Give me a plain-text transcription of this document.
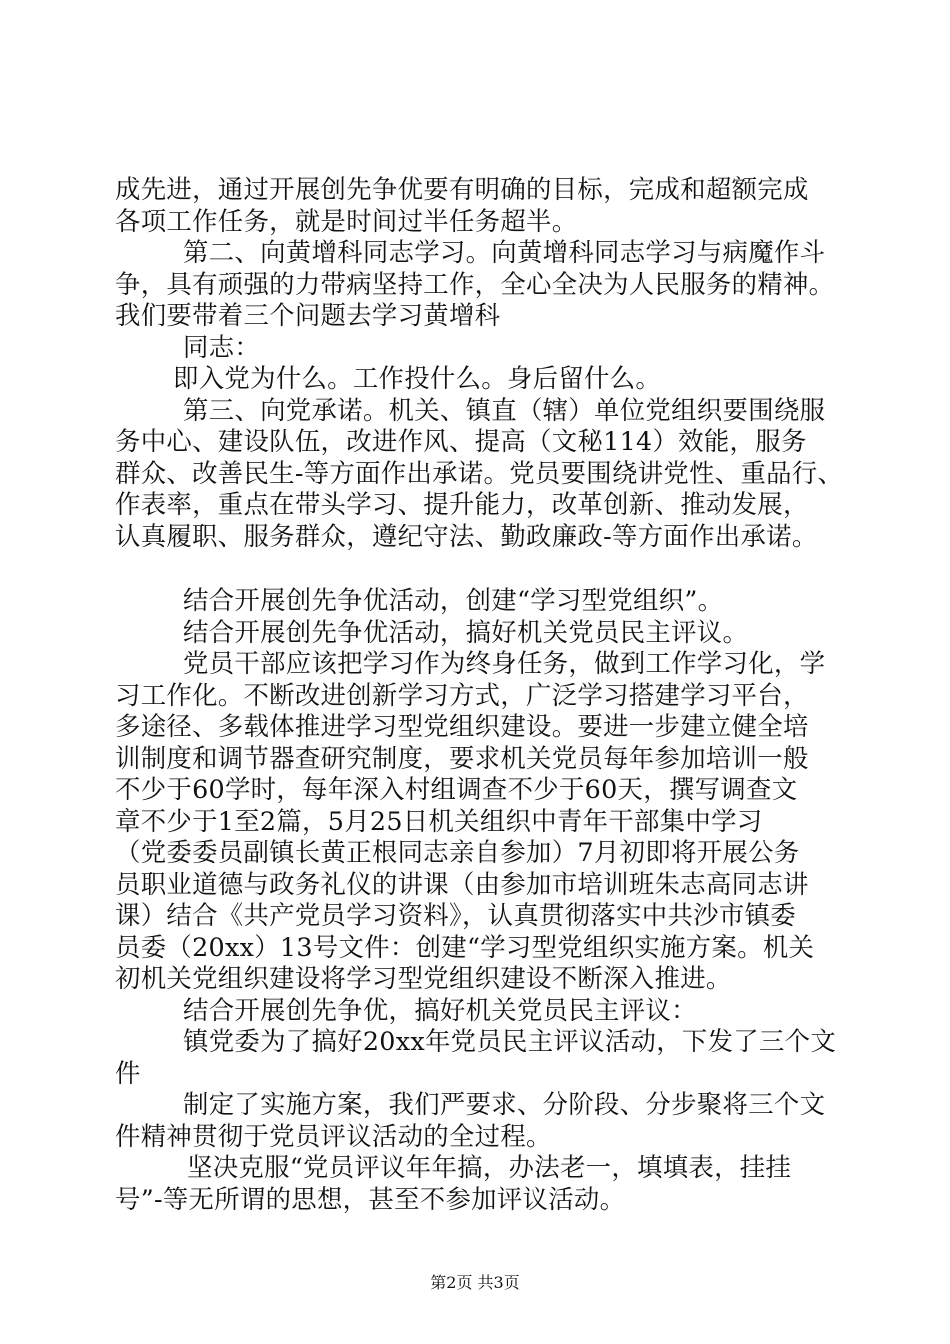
成先进，通过开展创先争优要有明确的目标，完成和超额完成
各项工作任务，就是时间过半任务超半。
第二、向黄增科同志学习。向黄增科同志学习与病魔作斗
争，具有顽强的力带病坚持工作，全心全决为人民服务的精神。
我们要带着三个问题去学习黄增科
同志：
即入党为什么。工作投什么。身后留什么。
第三、向党承诺。机关、镇直（辖）单位党组织要围绕服
务中心、建设队伍，改进作风、提高（文秘114）效能，服务
群众、改善民生-等方面作出承诺。党员要围绕讲党性、重品行、
作表率，重点在带头学习、提升能力，改革创新、推动发展，
认真履职、服务群众，遵纪守法、勤政廉政-等方面作出承诺。
结合开展创先争优活动，创建“学习型党组织”。
结合开展创先争优活动，搞好机关党员民主评议。
党员干部应该把学习作为终身任务，做到工作学习化，学
习工作化。不断改进创新学习方式，广泛学习搭建学习平台，
多途径、多载体推进学习型党组织建设。要进一步建立健全培
训制度和调节器查研究制度，要求机关党员每年参加培训一般
不少于60学时，每年深入村组调查不少于60天，撰写调查文
章不少于1至2篇，5月25日机关组织中青年干部集中学习
（党委委员副镇长黄正根同志亲自参加）7月初即将开展公务
员职业道德与政务礼仪的讲课（由参加市培训班朱志高同志讲
课）结合《共产党员学习资料》，认真贯彻落实中共沙市镇委
员委（20xx）13号文件：创建“学习型党组织实施方案。机关
初机关党组织建设将学习型党组织建设不断深入推进。
结合开展创先争优，搞好机关党员民主评议：
镇党委为了搞好20xx年党员民主评议活动，下发了三个文
件
制定了实施方案，我们严要求、分阶段、分步聚将三个文
件精神贯彻于党员评议活动的全过程。
坚决克服“党员评议年年搞，办法老一，填填表，挂挂
号”-等无所谓的思想，甚至不参加评议活动。
第2页 共3页
